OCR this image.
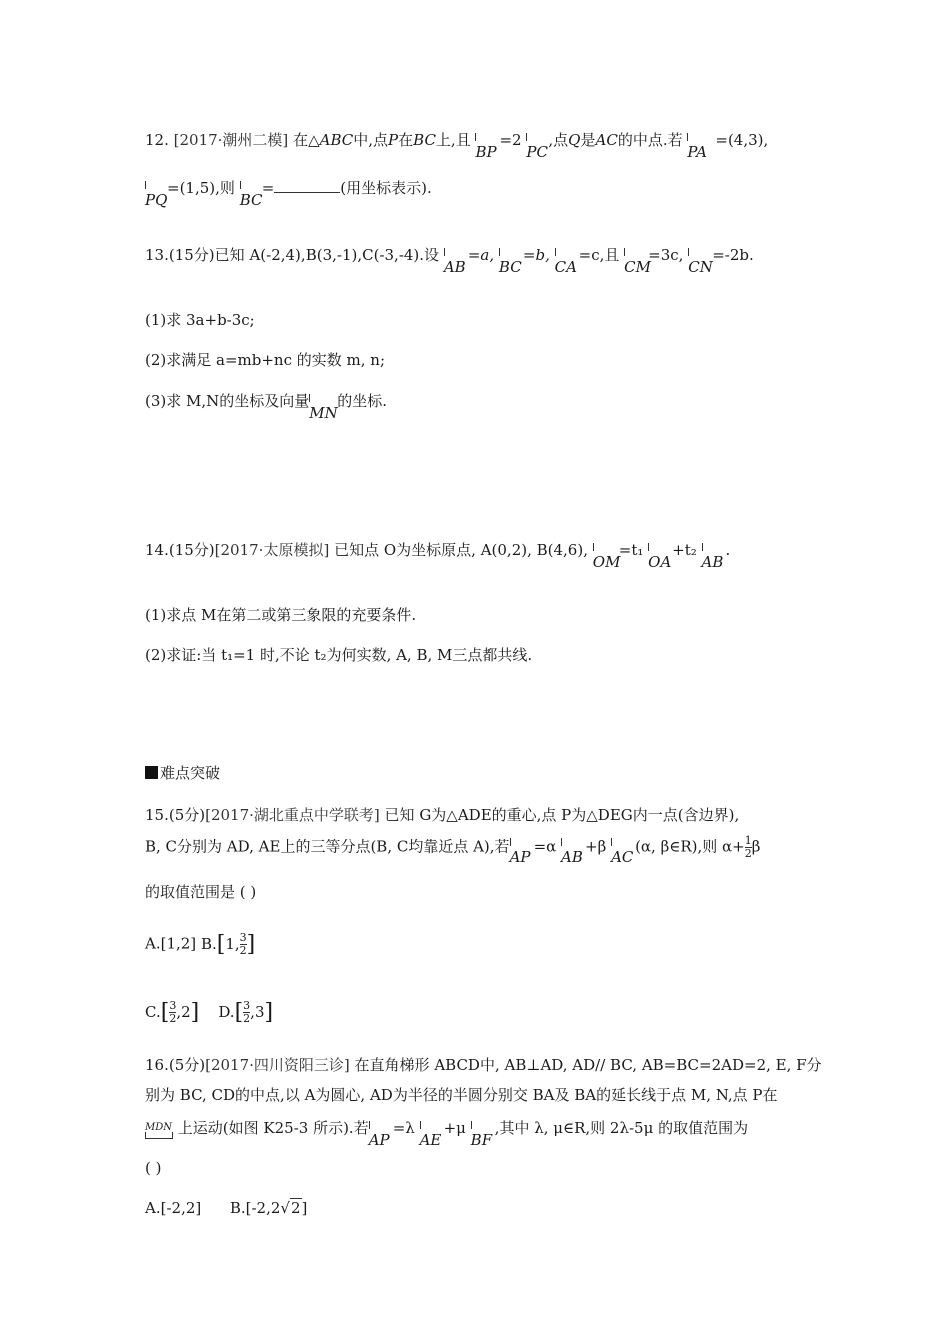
12. [2017·潮州二模] 在△ABC中,点P在BC上,且
BP
=2
PC
,点Q是AC的中点.若
PA
=(4,3),
PQ
=(1,5),则
BC
=	(用坐标表示).
13.(15分)已知 A(-2,4),B(3,-1),C(-3,-4).设
AB
=a,
BC
=b,
CA
=c,且
CM
=3c,
CN
=-2b.
(1)求 3a+b-3c;
(2)求满足 a=mb+nc 的实数 m, n;
(3)求 M,N的坐标及向量
MN
的坐标.
14.(15分)[2017·太原模拟] 已知点 O为坐标原点, A(0,2), B(4,6),
OM
=t₁
OA
+t₂
AB
.
(1)求点 M在第二或第三象限的充要条件.
(2)求证:当 t₁=1 时,不论 t₂为何实数, A, B, M三点都共线.
难点突破
15.(5分)[2017·湖北重点中学联考] 已知 G为△ADE的重心,点 P为△DEG内一点(含边界),
B, C分别为 AD, AE上的三等分点(B, C均靠近点 A),若
AP
=α
AB
+β
AC
(α, β∈R),则 $\alpha+ \frac{1}{2}$ β
的取值范围是 ( )
A.[1,2] B.[1, $\frac{3}{2}$ ]
$C.[ \frac{3}{2} ,2]$ $D.[ \frac{3}{2} ,3]$
16.(5分)[2017·四川资阳三诊] 在直角梯形 ABCD中, AB⊥AD, AD// BC, AB=BC=2AD=2, E, F分
别为 BC, CD的中点,以 A为圆心, AD为半径的半圆分别交 BA及 BA的延长线于点 M, N,点 P在
MDN 上运动(如图 K25-3 所示).若
AP
=λ
AE
+μ
BF
,其中 λ, μ∈R,则 2λ-5μ 的取值范围为
( )
A.[-2,2] B.[-2,2√2]
